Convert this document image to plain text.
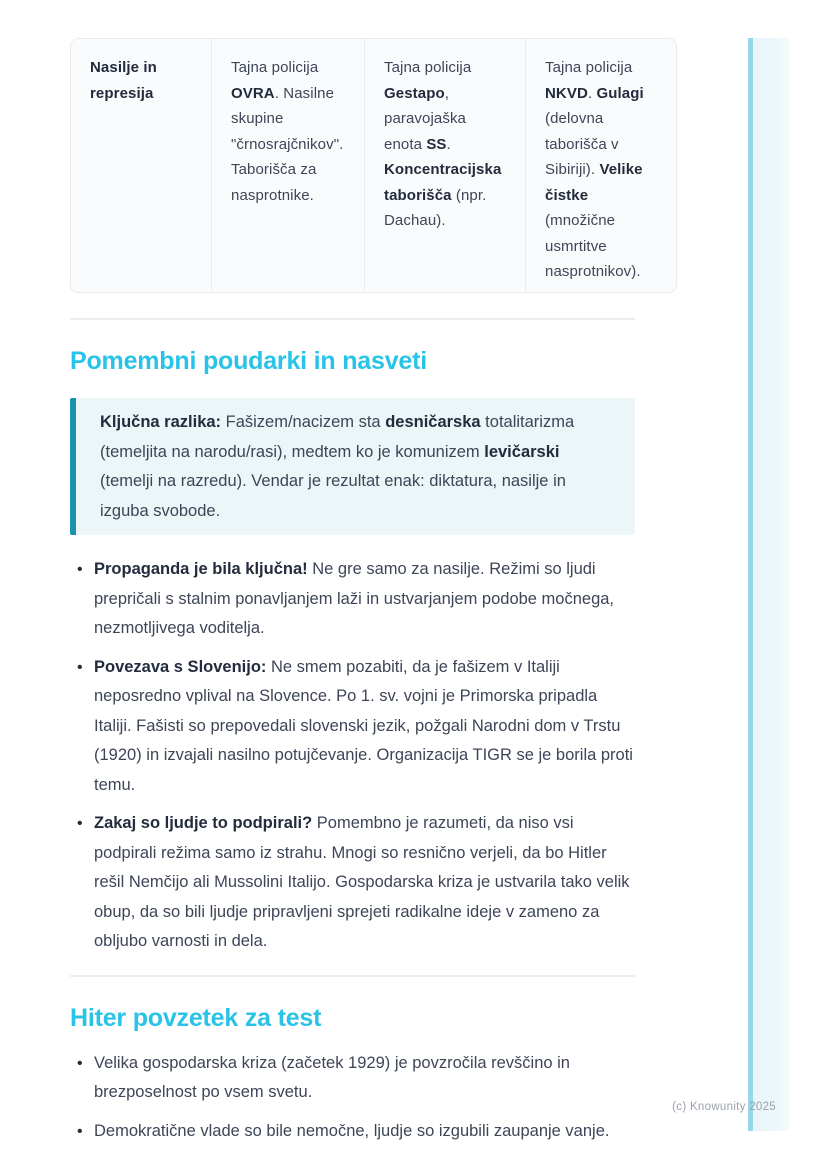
Nasilje in represija
Tajna policija OVRA. Nasilne skupine "črnosrajčnikov". Taborišča za nasprotnike.
Tajna policija Gestapo, paravojaška enota SS. Koncentracijska taborišča (npr. Dachau).
Tajna policija NKVD. Gulagi (delovna taborišča v Sibiriji). Velike čistke (množične usmrtitve nasprotnikov).
Pomembni poudarki in nasveti
Ključna razlika: Fašizem/nacizem sta desničarska totalitarizma (temeljita na narodu/rasi), medtem ko je komunizem levičarski (temelji na razredu). Vendar je rezultat enak: diktatura, nasilje in izguba svobode.
• Propaganda je bila ključna! Ne gre samo za nasilje. Režimi so ljudi prepričali s stalnim ponavljanjem laži in ustvarjanjem podobe močnega, nezmotljivega voditelja.
• Povezava s Slovenijo: Ne smem pozabiti, da je fašizem v Italiji neposredno vplival na Slovence. Po 1. sv. vojni je Primorska pripadla Italiji. Fašisti so prepovedali slovenski jezik, požgali Narodni dom v Trstu (1920) in izvajali nasilno potujčevanje. Organizacija TIGR se je borila proti temu.
• Zakaj so ljudje to podpirali? Pomembno je razumeti, da niso vsi podpirali režima samo iz strahu. Mnogi so resnično verjeli, da bo Hitler rešil Nemčijo ali Mussolini Italijo. Gospodarska kriza je ustvarila tako velik obup, da so bili ljudje pripravljeni sprejeti radikalne ideje v zameno za obljubo varnosti in dela.
Hiter povzetek za test
• Velika gospodarska kriza (začetek 1929) je povzročila revščino in brezposelnost po vsem svetu.
• Demokratične vlade so bile nemočne, ljudje so izgubili zaupanje vanje.
(c) Knowunity 2025
